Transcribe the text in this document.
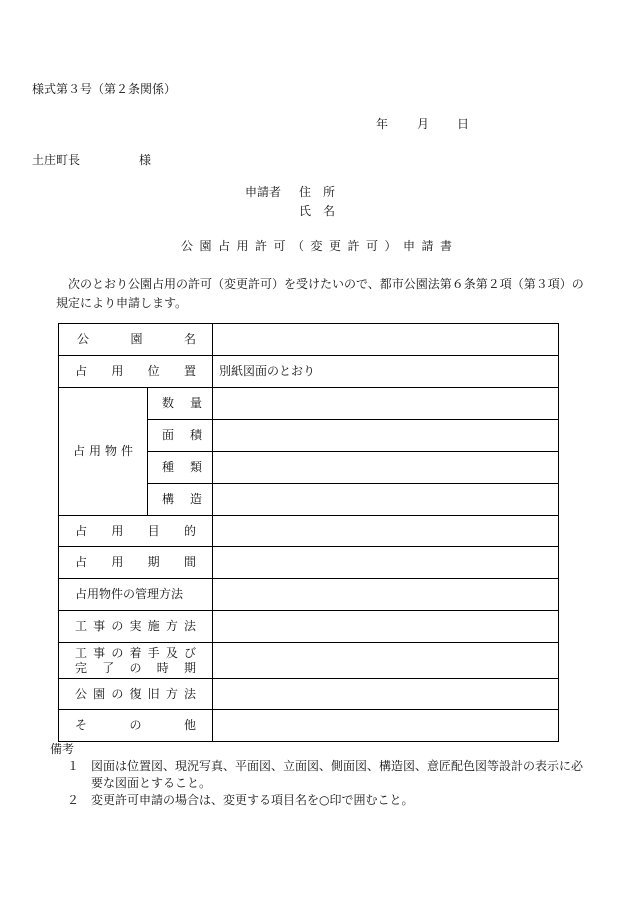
様式第３号（第２条関係）
年 月 日
土庄町長	様
申請者 住　所
氏　名
公園占用許可（変更許可）申請書
次のとおり公園占用の許可（変更許可）を受けたいので、都市公園法第６条第２項（第３項）の規定により申請します。
公園名		
占用位置		別紙図面のとおり
占用物件	数量	
	面積	
	種類	
	構造	
占用目的		
占用期間		
占用物件の管理方法		
工事の実施方法		

工事の着手及び
完了の時期		

公園の復旧方法		
その他		
備考
１ 図面は位置図、現況写真、平面図、立面図、側面図、構造図、意匠配色図等設計の表示に必要な図面とすること。
２ 変更許可申請の場合は、変更する項目名を○印で囲むこと。
